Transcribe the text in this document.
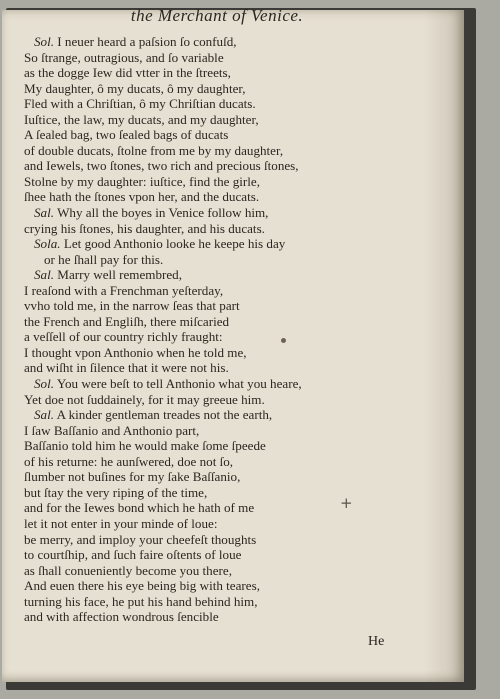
the Merchant of Venice.
Sol. I neuer heard a paſsion ſo confuſd,
So ſtrange, outragious, and ſo variable
as the dogge Iew did vtter in the ſtreets,
My daughter, ô my ducats, ô my daughter,
Fled with a Chriſtian, ô my Chriſtian ducats.
Iuſtice, the law, my ducats, and my daughter,
A ſealed bag, two ſealed bags of ducats
of double ducats, ſtolne from me by my daughter,
and Iewels, two ſtones, two rich and precious ſtones,
Stolne by my daughter: iuſtice, find the girle,
ſhee hath the ſtones vpon her, and the ducats.
Sal. Why all the boyes in Venice follow him,
crying his ſtones, his daughter, and his ducats.
Sola. Let good Anthonio looke he keepe his day
or he ſhall pay for this.
Sal. Marry well remembred,
I reaſond with a Frenchman yeſterday,
vvho told me, in the narrow ſeas that part
the French and Engliſh, there miſcaried
a veſſell of our country richly fraught:
I thought vpon Anthonio when he told me,
and wiſht in ſilence that it were not his.
Sol. You were beſt to tell Anthonio what you heare,
Yet doe not ſuddainely, for it may greeue him.
Sal. A kinder gentleman treades not the earth,
I ſaw Baſſanio and Anthonio part,
Baſſanio told him he would make ſome ſpeede
of his returne: he aunſwered, doe not ſo,
ſlumber not buſines for my ſake Baſſanio,
but ſtay the very riping of the time,
and for the Iewes bond which he hath of me
let it not enter in your minde of loue:
be merry, and imploy your cheefeſt thoughts
to courtſhip, and ſuch faire oſtents of loue
as ſhall conueniently become you there,
And euen there his eye being big with teares,
turning his face, he put his hand behind him,
and with affection wondrous ſencible
+
He
